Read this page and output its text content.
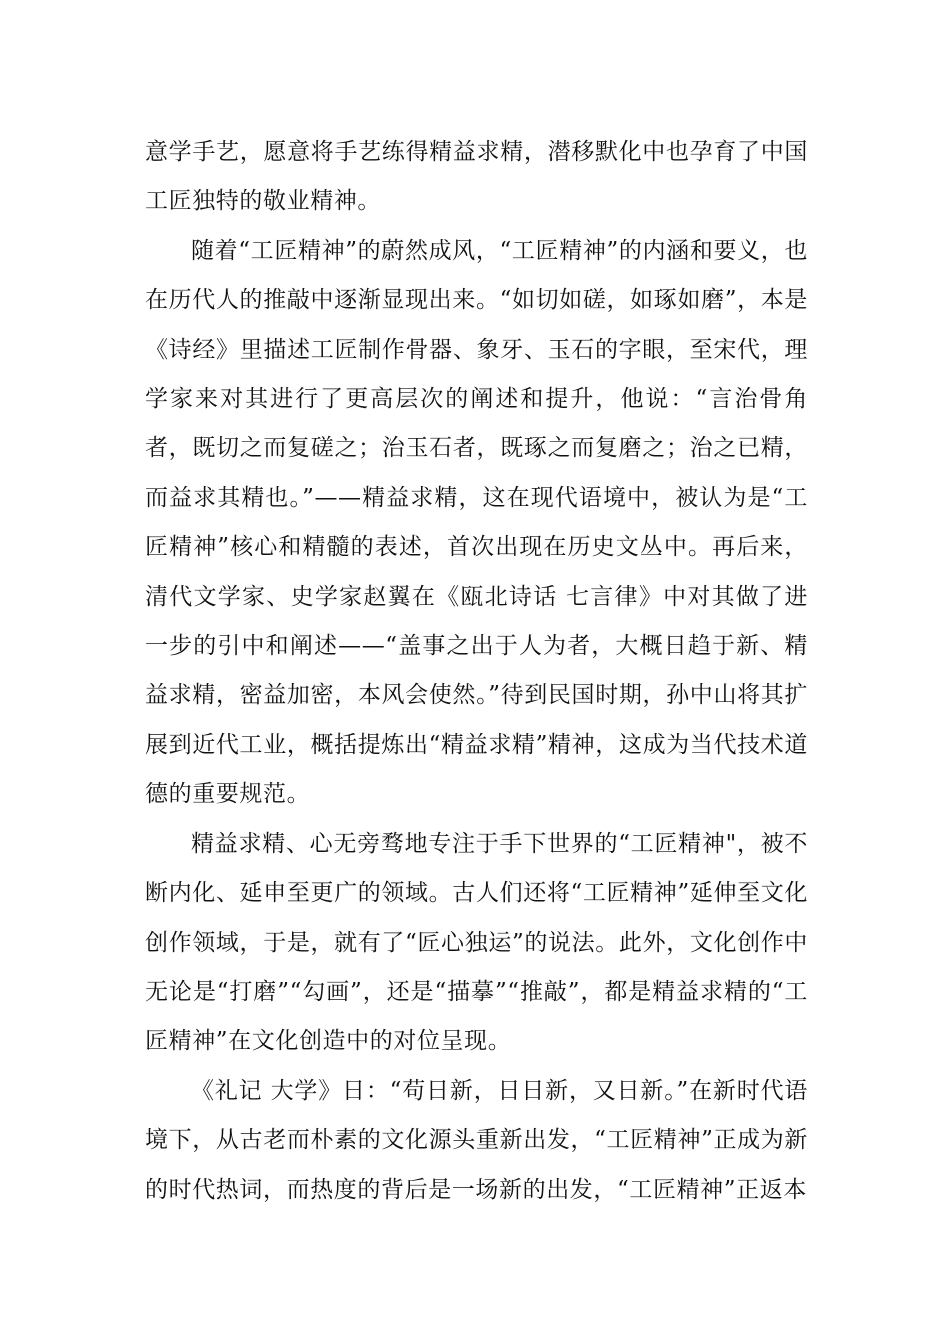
意学手艺，愿意将手艺练得精益求精，潜移默化中也孕育了中国工匠独特的敬业精神。

随着“工匠精神”的蔚然成风，“工匠精神”的内涵和要义，也在历代人的推敲中逐渐显现出来。“如切如磋，如琢如磨”，本是《诗经》里描述工匠制作骨器、象牙、玉石的字眼，至宋代，理学家来对其进行了更高层次的阐述和提升，他说：“言治骨角者，既切之而复磋之；治玉石者，既琢之而复磨之；治之已精，而益求其精也。”——精益求精，这在现代语境中，被认为是“工匠精神”核心和精髓的表述，首次出现在历史文丛中。再后来，清代文学家、史学家赵翼在《瓯北诗话 七言律》中对其做了进一步的引中和阐述——“盖事之出于人为者，大概日趋于新、精益求精，密益加密，本风会使然。”待到民国时期，孙中山将其扩展到近代工业，概括提炼出“精益求精”精神，这成为当代技术道德的重要规范。

精益求精、心无旁骛地专注于手下世界的“工匠精神"，被不断内化、延申至更广的领域。古人们还将“工匠精神”延伸至文化创作领域，于是，就有了“匠心独运”的说法。此外，文化创作中无论是“打磨”“勾画”，还是“描摹”“推敲”，都是精益求精的“工匠精神”在文化创造中的对位呈现。

《礼记 大学》日：“苟日新，日日新，又日新。”在新时代语境下，从古老而朴素的文化源头重新出发，“工匠精神”正成为新的时代热词，而热度的背后是一场新的出发，“工匠精神”正返本
